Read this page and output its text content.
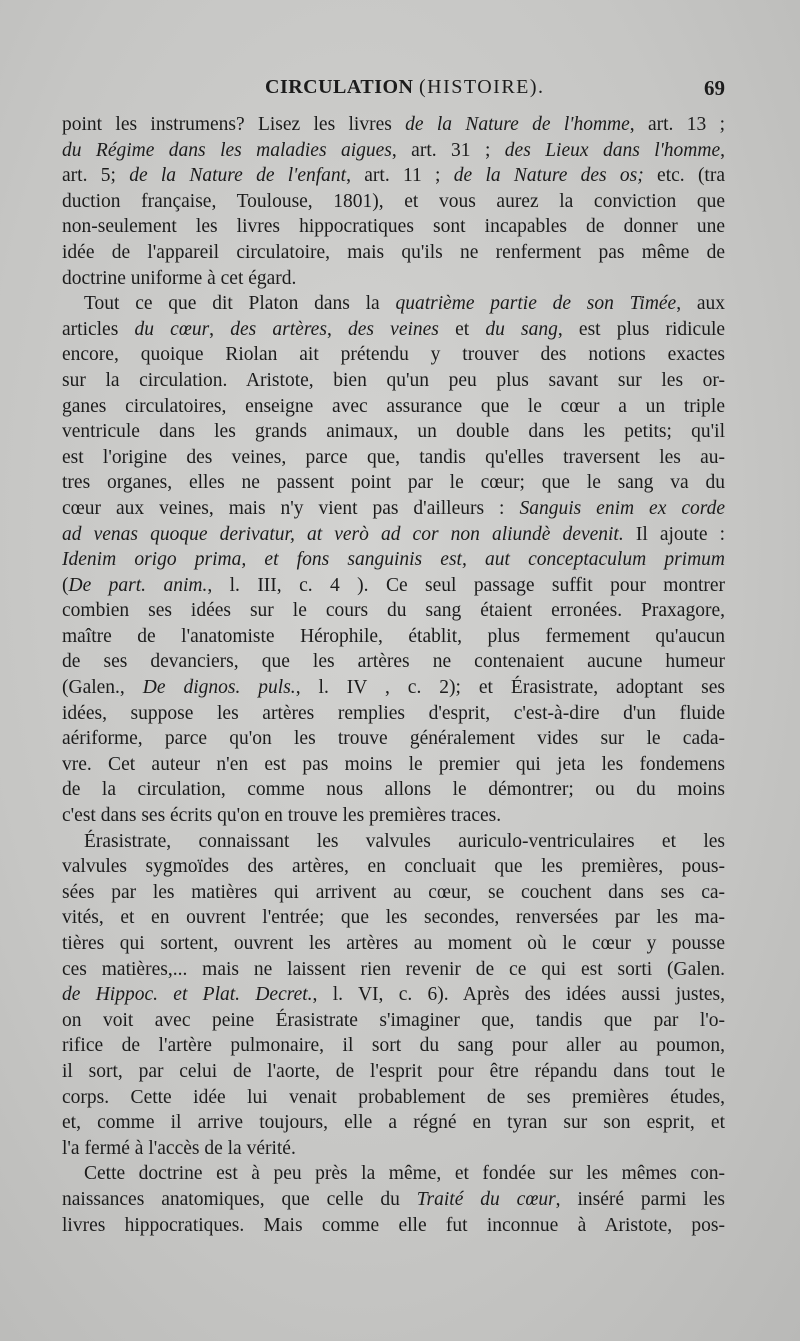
CIRCULATION (HISTOIRE).	69
point les instrumens? Lisez les livres de la Nature de l'homme, art. 13 ;
du Régime dans les maladies aigues, art. 31 ; des Lieux dans l'homme,
art. 5; de la Nature de l'enfant, art. 11 ; de la Nature des os; etc. (tra
duction française, Toulouse, 1801), et vous aurez la conviction que
non-seulement les livres hippocratiques sont incapables de donner une
idée de l'appareil circulatoire, mais qu'ils ne renferment pas même de
doctrine uniforme à cet égard.
Tout ce que dit Platon dans la quatrième partie de son Timée, aux
articles du cœur, des artères, des veines et du sang, est plus ridicule
encore, quoique Riolan ait prétendu y trouver des notions exactes
sur la circulation. Aristote, bien qu'un peu plus savant sur les or-
ganes circulatoires, enseigne avec assurance que le cœur a un triple
ventricule dans les grands animaux, un double dans les petits; qu'il
est l'origine des veines, parce que, tandis qu'elles traversent les au-
tres organes, elles ne passent point par le cœur; que le sang va du
cœur aux veines, mais n'y vient pas d'ailleurs : Sanguis enim ex corde
ad venas quoque derivatur, at verò ad cor non aliundè devenit. Il ajoute :
Idenim origo prima, et fons sanguinis est, aut conceptaculum primum
(De part. anim., l. III, c. 4 ). Ce seul passage suffit pour montrer
combien ses idées sur le cours du sang étaient erronées. Praxagore,
maître de l'anatomiste Hérophile, établit, plus fermement qu'aucun
de ses devanciers, que les artères ne contenaient aucune humeur
(Galen., De dignos. puls., l. IV , c. 2); et Érasistrate, adoptant ses
idées, suppose les artères remplies d'esprit, c'est-à-dire d'un fluide
aériforme, parce qu'on les trouve généralement vides sur le cada-
vre. Cet auteur n'en est pas moins le premier qui jeta les fondemens
de la circulation, comme nous allons le démontrer; ou du moins
c'est dans ses écrits qu'on en trouve les premières traces.
Érasistrate, connaissant les valvules auriculo-ventriculaires et les
valvules sygmoïdes des artères, en concluait que les premières, pous-
sées par les matières qui arrivent au cœur, se couchent dans ses ca-
vités, et en ouvrent l'entrée; que les secondes, renversées par les ma-
tières qui sortent, ouvrent les artères au moment où le cœur y pousse
ces matières,... mais ne laissent rien revenir de ce qui est sorti (Galen.
de Hippoc. et Plat. Decret., l. VI, c. 6). Après des idées aussi justes,
on voit avec peine Érasistrate s'imaginer que, tandis que par l'o-
rifice de l'artère pulmonaire, il sort du sang pour aller au poumon,
il sort, par celui de l'aorte, de l'esprit pour être répandu dans tout le
corps. Cette idée lui venait probablement de ses premières études,
et, comme il arrive toujours, elle a régné en tyran sur son esprit, et
l'a fermé à l'accès de la vérité.
Cette doctrine est à peu près la même, et fondée sur les mêmes con-
naissances anatomiques, que celle du Traité du cœur, inséré parmi les
livres hippocratiques. Mais comme elle fut inconnue à Aristote, pos-
